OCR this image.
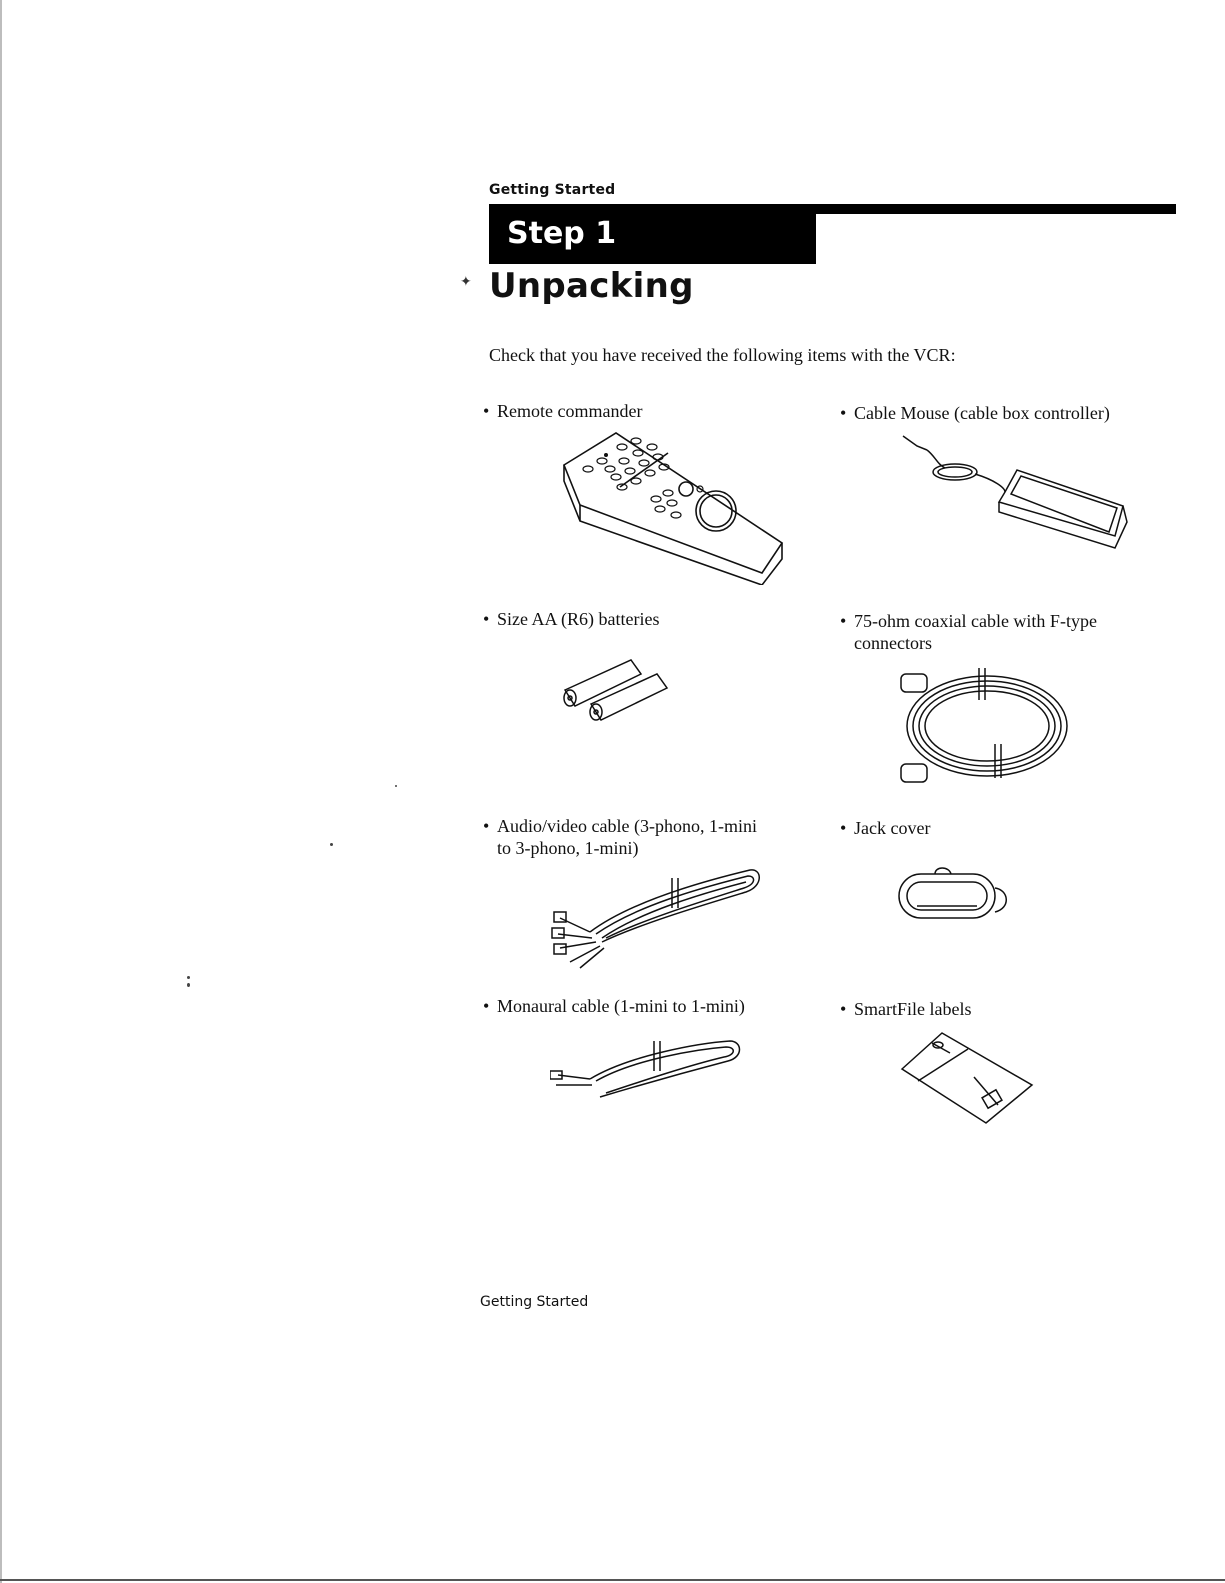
Getting Started
Step 1
✦ Unpacking
Check that you have received the following items with the VCR:
• Remote commander	• Cable Mouse (cable box controller)
• Size AA (R6) batteries	• 75-ohm coaxial cable with F-type
connectors
• Audio/video cable (3-phono, 1-mini
to 3-phono, 1-mini)
• Jack cover
• Monaural cable (1-mini to 1-mini)	• SmartFile labels
Getting Started
